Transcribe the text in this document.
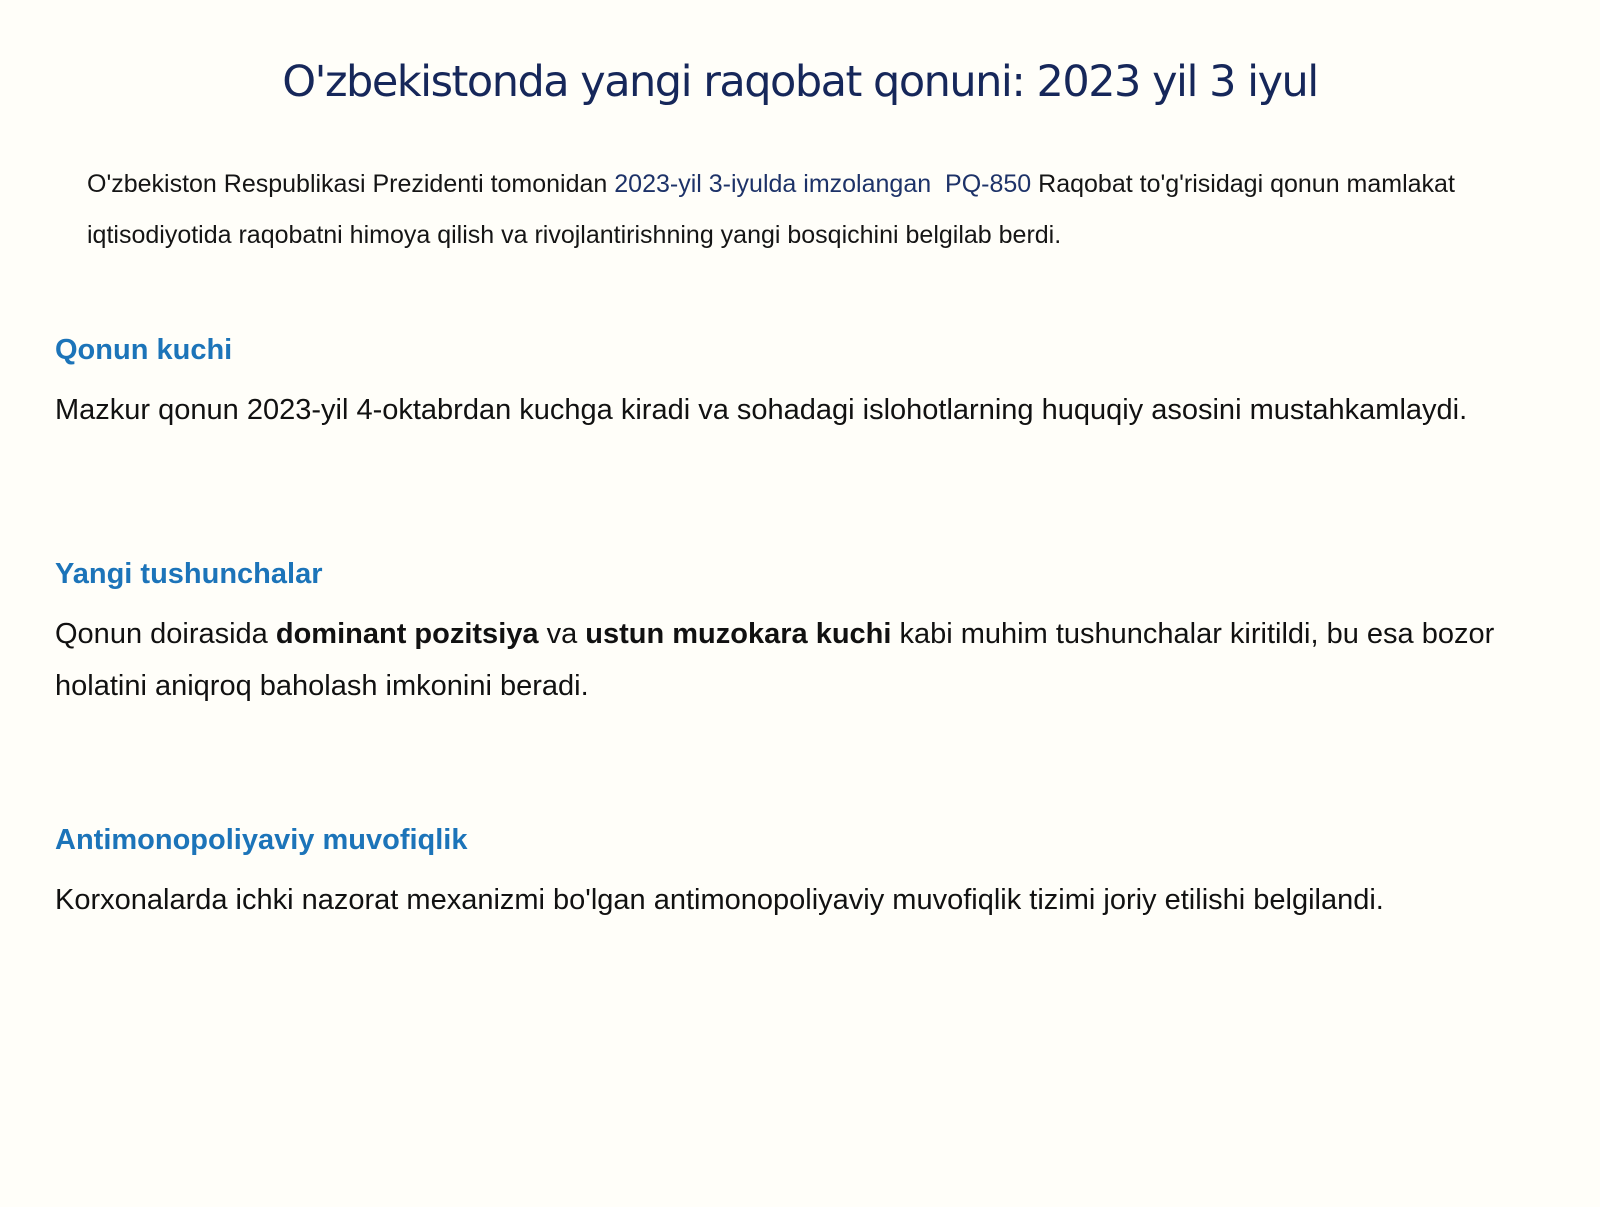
O'zbekistonda yangi raqobat qonuni: 2023 yil 3 iyul

O'zbekiston Respublikasi Prezidenti tomonidan 2023-yil 3-iyulda imzolangan PQ-850 Raqobat to'g'risidagi qonun mamlakat iqtisodiyotida raqobatni himoya qilish va rivojlantirishning yangi bosqichini belgilab berdi.

Qonun kuchi

Mazkur qonun 2023-yil 4-oktabrdan kuchga kiradi va sohadagi islohotlarning huquqiy asosini mustahkamlaydi.

Yangi tushunchalar

Qonun doirasida dominant pozitsiya va ustun muzokara kuchi kabi muhim tushunchalar kiritildi, bu esa bozor holatini aniqroq baholash imkonini beradi.

Antimonopoliyaviy muvofiqlik

Korxonalarda ichki nazorat mexanizmi bo'lgan antimonopoliyaviy muvofiqlik tizimi joriy etilishi belgilandi.
